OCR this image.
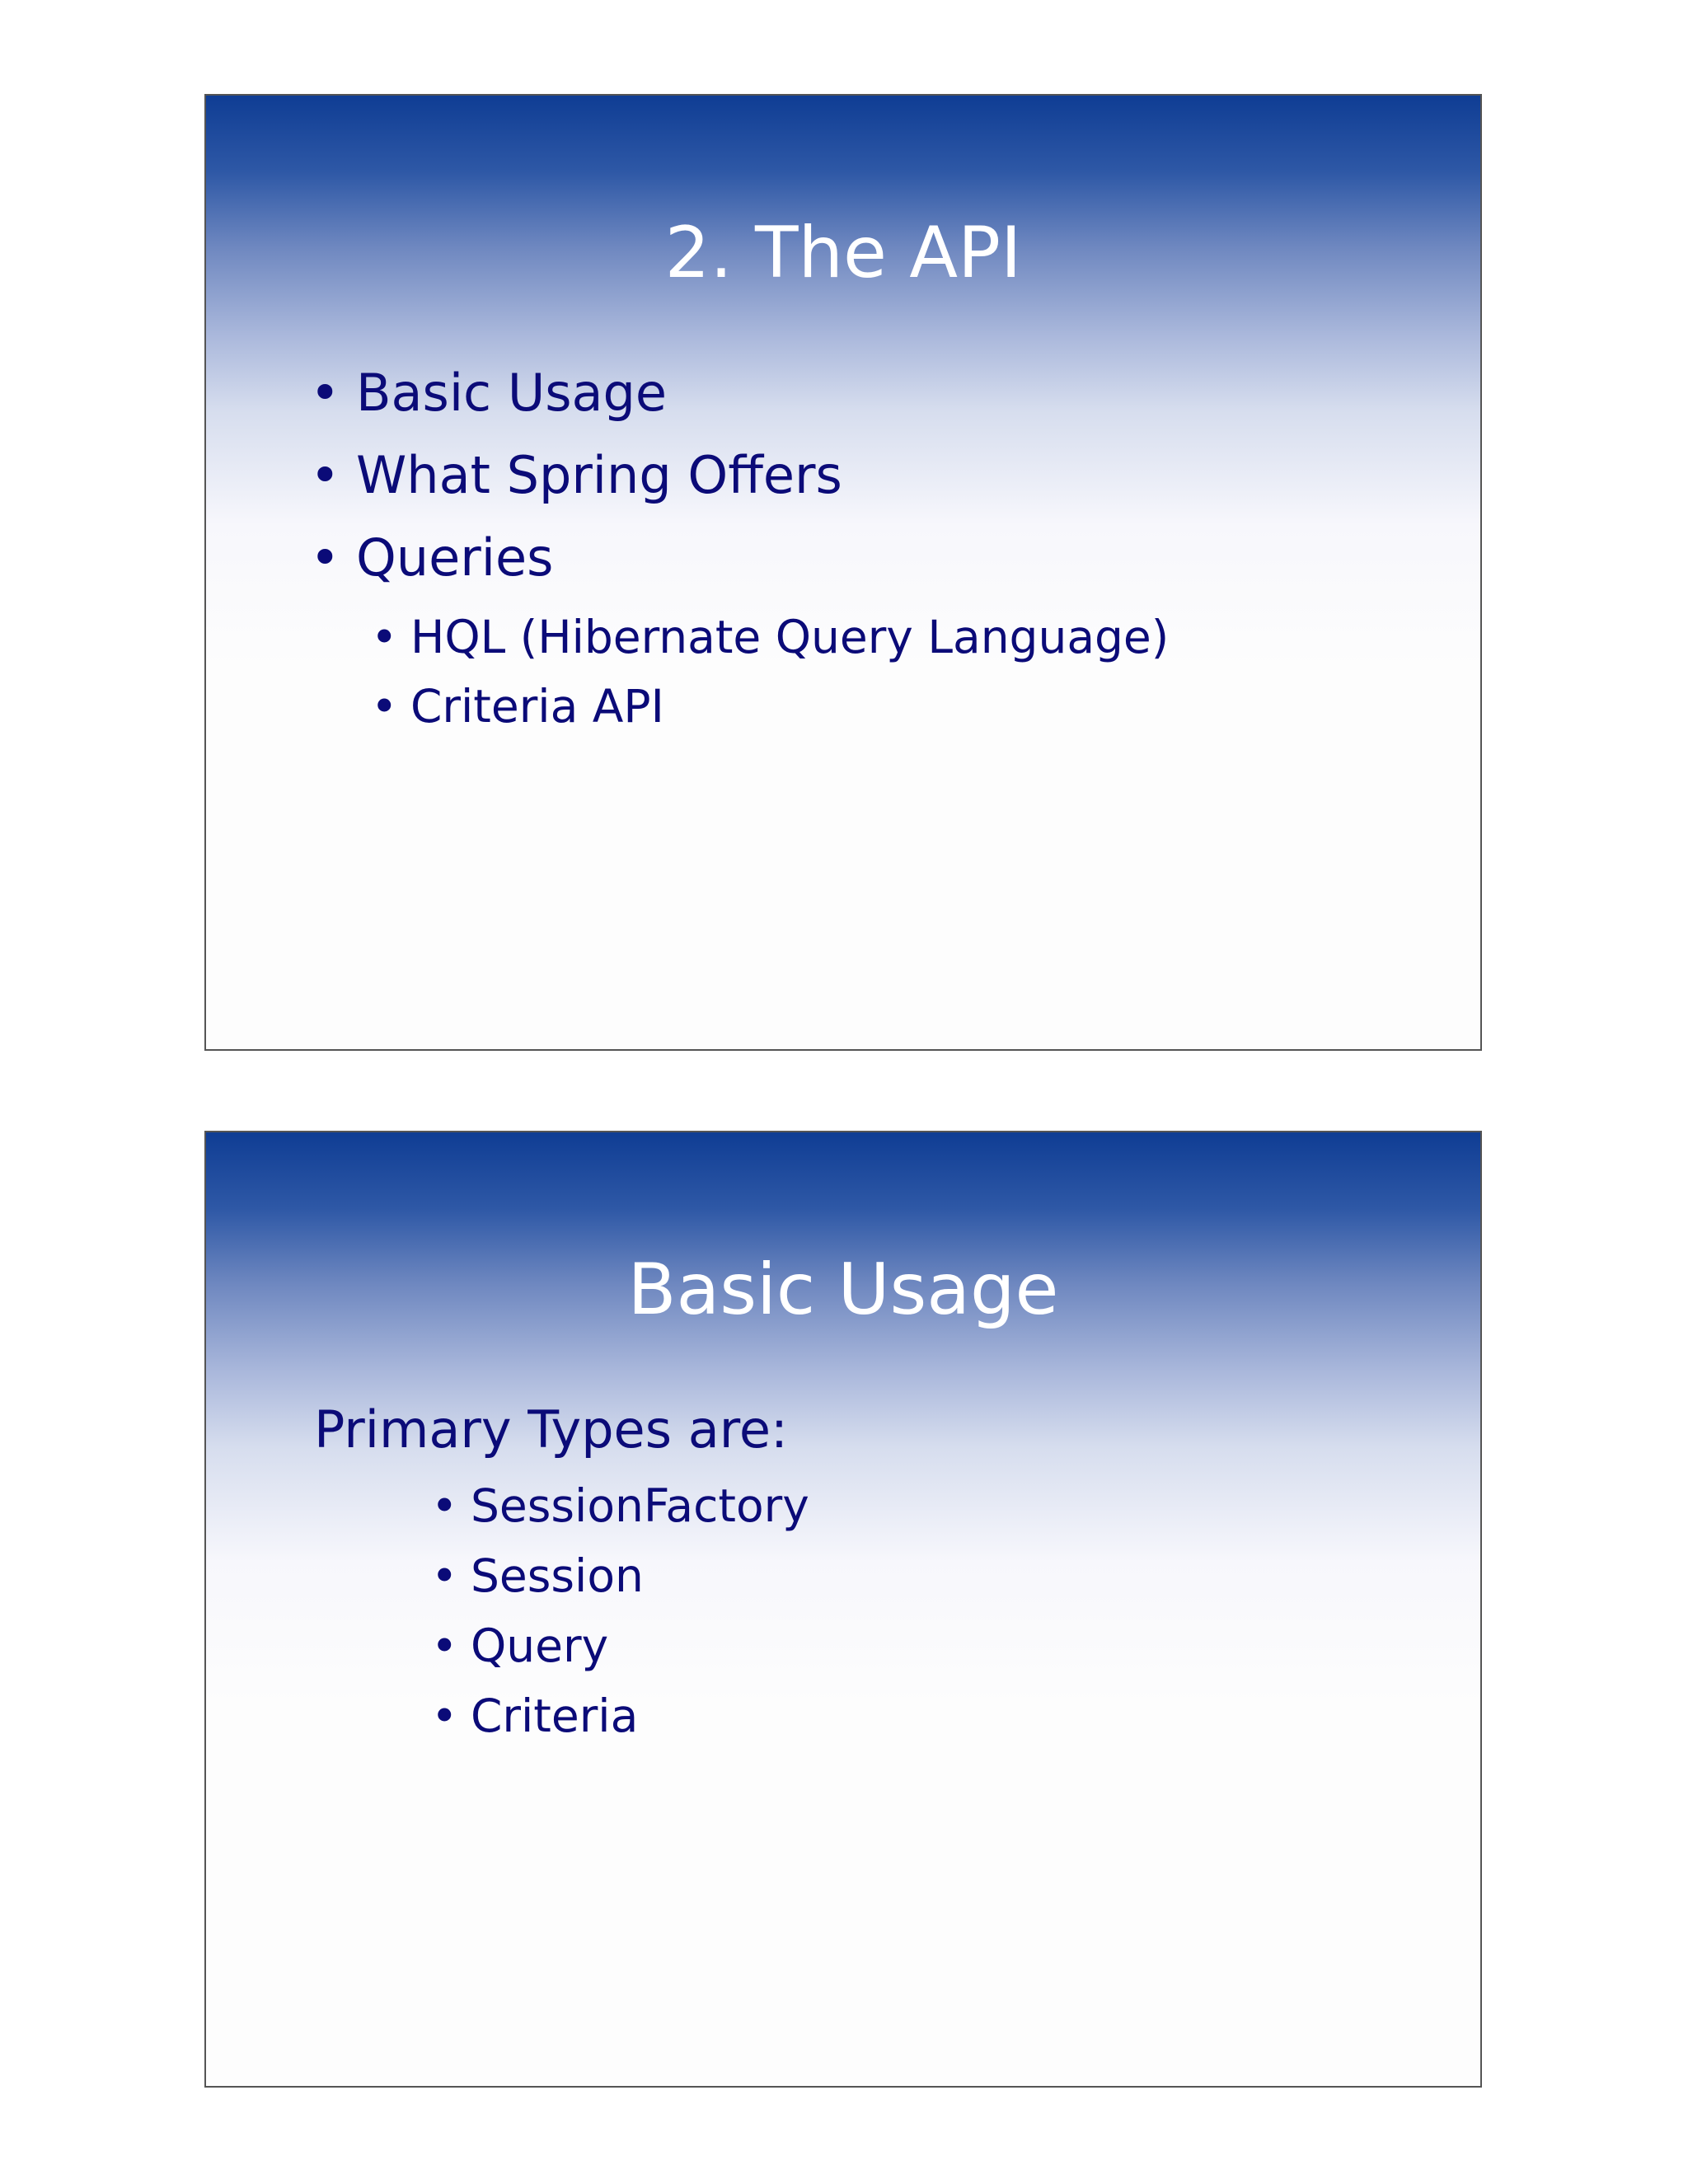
2. The API
• Basic Usage
• What Spring Offers
• Queries
• HQL (Hibernate Query Language)
• Criteria API
Basic Usage

Primary Types are:

• SessionFactory
• Session
• Query
• Criteria
